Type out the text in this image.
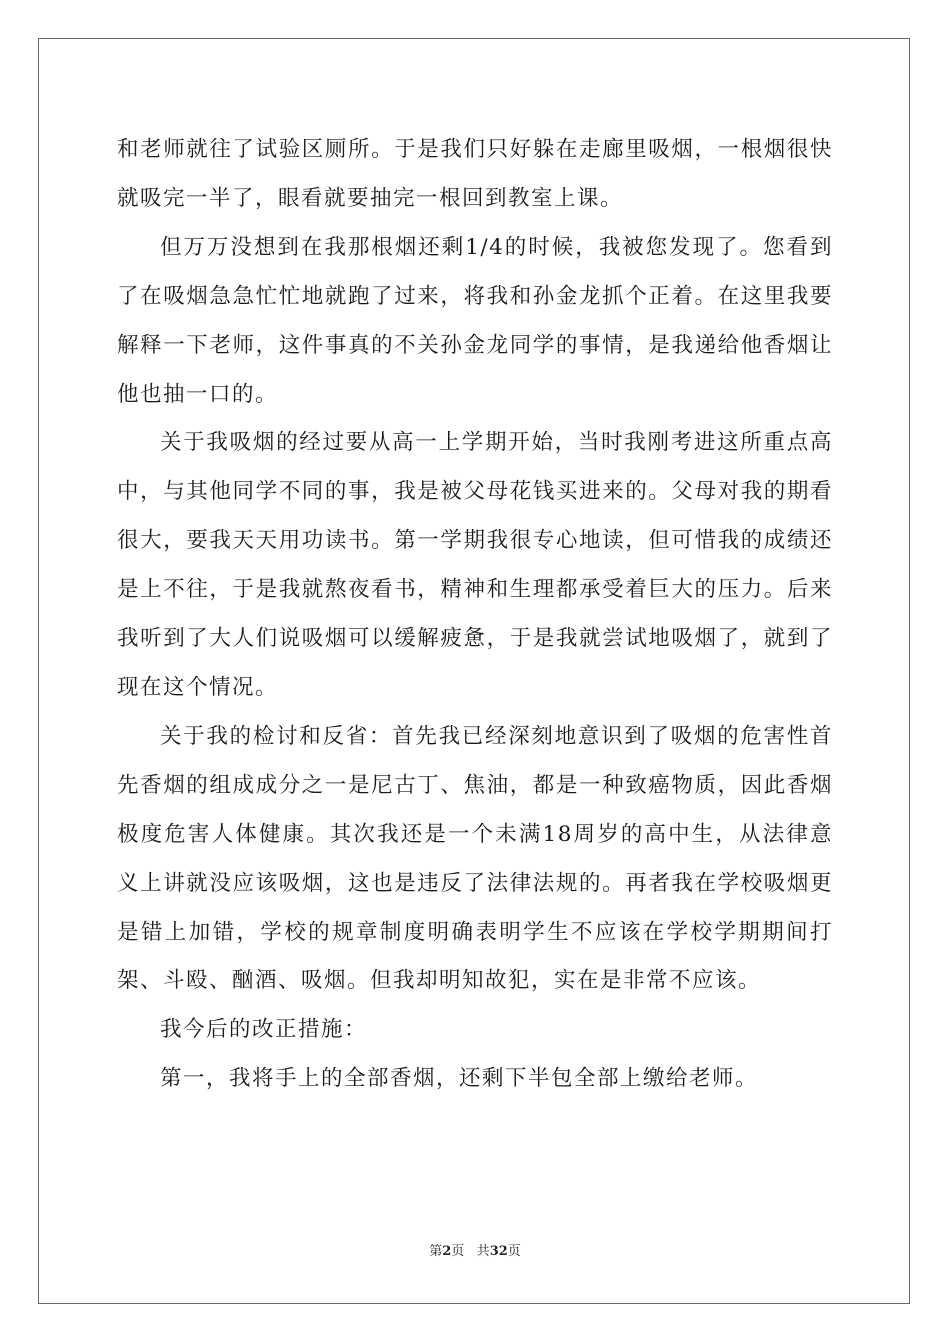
和老师就往了试验区厕所。于是我们只好躲在走廊里吸烟，一根烟很快就吸完一半了，眼看就要抽完一根回到教室上课。

但万万没想到在我那根烟还剩1/4的时候，我被您发现了。您看到了在吸烟急急忙忙地就跑了过来，将我和孙金龙抓个正着。在这里我要解释一下老师，这件事真的不关孙金龙同学的事情，是我递给他香烟让他也抽一口的。

关于我吸烟的经过要从高一上学期开始，当时我刚考进这所重点高中，与其他同学不同的事，我是被父母花钱买进来的。父母对我的期看很大，要我天天用功读书。第一学期我很专心地读，但可惜我的成绩还是上不往，于是我就熬夜看书，精神和生理都承受着巨大的压力。后来我听到了大人们说吸烟可以缓解疲惫，于是我就尝试地吸烟了，就到了现在这个情况。

关于我的检讨和反省：首先我已经深刻地意识到了吸烟的危害性首先香烟的组成成分之一是尼古丁、焦油，都是一种致癌物质，因此香烟极度危害人体健康。其次我还是一个未满18周岁的高中生，从法律意义上讲就没应该吸烟，这也是违反了法律法规的。再者我在学校吸烟更是错上加错，学校的规章制度明确表明学生不应该在学校学期期间打架、斗殴、酗酒、吸烟。但我却明知故犯，实在是非常不应该。

我今后的改正措施：

第一，我将手上的全部香烟，还剩下半包全部上缴给老师。

第2页 共32页
